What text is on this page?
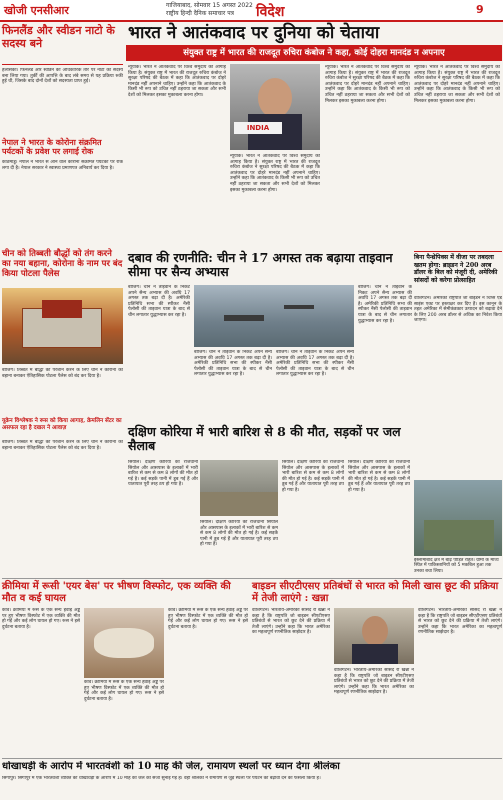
खोजी एनसीआर	गाजियाबाद, सोमवार 15 अगस्त 2022
राष्ट्रीय हिन्दी दैनिक समाचार पत्र	विदेश	9
फिनलैंड और स्वीडन नाटो के सदस्य बने
हेलसिंकी। फिनलैंड और स्वीडन को अधिकारिक तौर पर नाटो का सदस्य बना लिया गया। तुर्की की आपत्ति के बाद लंबे समय से यह प्रक्रिया रुकी हुई थी, जिसके बाद दोनों देशों को सदस्यता प्राप्त हुई।
नेपाल ने भारत के कोरोना संक्रमित पर्यटकों के प्रवेश पर लगाई रोक
काठमांडू। नेपाल ने भारत से आने वाले कोरोना संक्रमित पर्यटकों पर रोक लगा दी है। नेपाल सरकार ने स्वास्थ्य प्रमाणपत्र अनिवार्य कर दिया है।
चीन को तिब्बती बौद्धों को तंग करने का नया बहाना, कोरोना के नाम पर बंद किया पोटला पैलेस
बीजिंग। तिब्बत में बौद्धों को परेशान करने के लिए चीन ने कोरोना का बहाना बनाकर ऐतिहासिक पोटला पैलेस को बंद कर दिया है।
यूक्रेन विश्लेषक ने रूस को किया आगाह, क्रेमलिन सेंटर का असफल रहा है दखल ने आवाज़
बीजिंग। तिब्बत में बौद्धों को परेशान करने के लिए चीन ने कोरोना का बहाना बनाकर ऐतिहासिक पोटला पैलेस को बंद कर दिया है।
भारत ने आतंकवाद पर दुनिया को चेताया
संयुक्त राष्ट्र में भारत की राजदूत रुचिरा कंबोज ने कहा, कोई दोहरा मानदंड न अपनाए
न्यूयॉर्क। भारत ने आतंकवाद पर विश्व समुदाय को आगाह किया है। संयुक्त राष्ट्र में भारत की राजदूत रुचिरा कंबोज ने सुरक्षा परिषद की बैठक में कहा कि आतंकवाद पर दोहरे मानदंड नहीं अपनाने चाहिए। उन्होंने कहा कि आतंकवाद के किसी भी रूप को उचित नहीं ठहराया जा सकता और सभी देशों को मिलकर इसका मुकाबला करना होगा।
INDIA
न्यूयॉर्क। भारत ने आतंकवाद पर विश्व समुदाय को आगाह किया है। संयुक्त राष्ट्र में भारत की राजदूत रुचिरा कंबोज ने सुरक्षा परिषद की बैठक में कहा कि आतंकवाद पर दोहरे मानदंड नहीं अपनाने चाहिए। उन्होंने कहा कि आतंकवाद के किसी भी रूप को उचित नहीं ठहराया जा सकता और सभी देशों को मिलकर इसका मुकाबला करना होगा।
न्यूयॉर्क। भारत ने आतंकवाद पर विश्व समुदाय को आगाह किया है। संयुक्त राष्ट्र में भारत की राजदूत रुचिरा कंबोज ने सुरक्षा परिषद की बैठक में कहा कि आतंकवाद पर दोहरे मानदंड नहीं अपनाने चाहिए। उन्होंने कहा कि आतंकवाद के किसी भी रूप को उचित नहीं ठहराया जा सकता और सभी देशों को मिलकर इसका मुकाबला करना होगा।
न्यूयॉर्क। भारत ने आतंकवाद पर विश्व समुदाय को आगाह किया है। संयुक्त राष्ट्र में भारत की राजदूत रुचिरा कंबोज ने सुरक्षा परिषद की बैठक में कहा कि आतंकवाद पर दोहरे मानदंड नहीं अपनाने चाहिए। उन्होंने कहा कि आतंकवाद के किसी भी रूप को उचित नहीं ठहराया जा सकता और सभी देशों को मिलकर इसका मुकाबला करना होगा।
दबाव की रणनीति: चीन ने 17 अगस्त तक बढ़ाया ताइवान सीमा पर सैन्य अभ्यास
बीजिंग। चीन ने ताइवान के निकट अपने सैन्य अभ्यास की अवधि 17 अगस्त तक बढ़ा दी है। अमेरिकी प्रतिनिधि सभा की स्पीकर नैंसी पेलोसी की ताइवान यात्रा के बाद से चीन लगातार युद्धाभ्यास कर रहा है।
बीजिंग। चीन ने ताइवान के निकट अपने सैन्य अभ्यास की अवधि 17 अगस्त तक बढ़ा दी है। अमेरिकी प्रतिनिधि सभा की स्पीकर नैंसी पेलोसी की ताइवान यात्रा के बाद से चीन लगातार युद्धाभ्यास कर रहा है।
बीजिंग। चीन ने ताइवान के निकट अपने सैन्य अभ्यास की अवधि 17 अगस्त तक बढ़ा दी है। अमेरिकी प्रतिनिधि सभा की स्पीकर नैंसी पेलोसी की ताइवान यात्रा के बाद से चीन लगातार युद्धाभ्यास कर रहा है।
बीजिंग। चीन ने ताइवान के निकट अपने सैन्य अभ्यास की अवधि 17 अगस्त तक बढ़ा दी है। अमेरिकी प्रतिनिधि सभा की स्पीकर नैंसी पेलोसी की ताइवान यात्रा के बाद से चीन लगातार युद्धाभ्यास कर रहा है।
बिना पैन्थ्रेपिक्स में वीजा पर तबदला खतम होगा: ब्राइडन ने 200 अरब डॉलर के बिल को मंजूरी दी, अमेरिकी सांसदों को करेगा प्रोत्साहित
वाशिंगटन। अमेरिकी राष्ट्रपति जो बाइडन ने चिप्स एंड साइंस एक्ट पर हस्ताक्षर कर दिए हैं। इस कानून के तहत अमेरिका में सेमीकंडक्टर उत्पादन को बढ़ावा देने के लिए 200 अरब डॉलर से अधिक का निवेश किया जाएगा।
इस्लामाबाद क्षेत्र में बाढ़ पीड़ित राहत। ग्रामों के माध्य स्थित में पाकिस्तानियों को 5 मकबिल हुआ तक उनका बचा लिया।
दक्षिण कोरिया में भारी बारिश से 8 की मौत, सड़कों पर जल सैलाब
सियोल। दक्षिण कोरिया की राजधानी सियोल और आसपास के इलाकों में भारी बारिश से कम से कम 8 लोगों की मौत हो गई है। कई सड़कें पानी में डूब गई हैं और यातायात पूरी तरह ठप हो गया है।
सियोल। दक्षिण कोरिया की राजधानी सियोल और आसपास के इलाकों में भारी बारिश से कम से कम 8 लोगों की मौत हो गई है। कई सड़कें पानी में डूब गई हैं और यातायात पूरी तरह ठप हो गया है।
सियोल। दक्षिण कोरिया की राजधानी सियोल और आसपास के इलाकों में भारी बारिश से कम से कम 8 लोगों की मौत हो गई है। कई सड़कें पानी में डूब गई हैं और यातायात पूरी तरह ठप हो गया है।
सियोल। दक्षिण कोरिया की राजधानी सियोल और आसपास के इलाकों में भारी बारिश से कम से कम 8 लोगों की मौत हो गई है। कई सड़कें पानी में डूब गई हैं और यातायात पूरी तरह ठप हो गया है।
क्रीमिया में रूसी 'एयर बेस' पर भीषण विस्फोट, एक व्यक्ति की मौत व कई घायल
कीव। क्रीमिया में रूस के एक सैन्य हवाई अड्डे पर हुए भीषण विस्फोट में एक व्यक्ति की मौत हो गई और कई लोग घायल हो गए। रूस ने इसे दुर्घटना बताया है।
कीव। क्रीमिया में रूस के एक सैन्य हवाई अड्डे पर हुए भीषण विस्फोट में एक व्यक्ति की मौत हो गई और कई लोग घायल हो गए। रूस ने इसे दुर्घटना बताया है।
कीव। क्रीमिया में रूस के एक सैन्य हवाई अड्डे पर हुए भीषण विस्फोट में एक व्यक्ति की मौत हो गई और कई लोग घायल हो गए। रूस ने इसे दुर्घटना बताया है।
बाइडन सीएटीएसए प्रतिबंधों से भारत को मिली खास छूट की प्रक्रिया में तेजी लाएंगे : खन्ना
वाशिंगटन। भारतीय-अमेरिकी सांसद रो खन्ना ने कहा है कि राष्ट्रपति जो बाइडन सीएटीएसए प्रतिबंधों से भारत को छूट देने की प्रक्रिया में तेजी लाएंगे। उन्होंने कहा कि भारत अमेरिका का महत्वपूर्ण रणनीतिक साझेदार है।
वाशिंगटन। भारतीय-अमेरिकी सांसद रो खन्ना ने कहा है कि राष्ट्रपति जो बाइडन सीएटीएसए प्रतिबंधों से भारत को छूट देने की प्रक्रिया में तेजी लाएंगे। उन्होंने कहा कि भारत अमेरिका का महत्वपूर्ण रणनीतिक साझेदार है।
वाशिंगटन। भारतीय-अमेरिकी सांसद रो खन्ना ने कहा है कि राष्ट्रपति जो बाइडन सीएटीएसए प्रतिबंधों से भारत को छूट देने की प्रक्रिया में तेजी लाएंगे। उन्होंने कहा कि भारत अमेरिका का महत्वपूर्ण रणनीतिक साझेदार है।
धोखाधड़ी के आरोप में भारतवंशी को 10 माह की जेल, रामायण स्थलों पर ध्यान देगा श्रीलंका
सिंगापुर। सिंगापुर में एक भारतवंशी व्यक्ति को धोखाधड़ी के आरोप में 10 माह की जेल की सजा सुनाई गई है। वहीं श्रीलंका ने रामायण से जुड़े स्थलों पर पर्यटन को बढ़ावा देने का फैसला किया है।
